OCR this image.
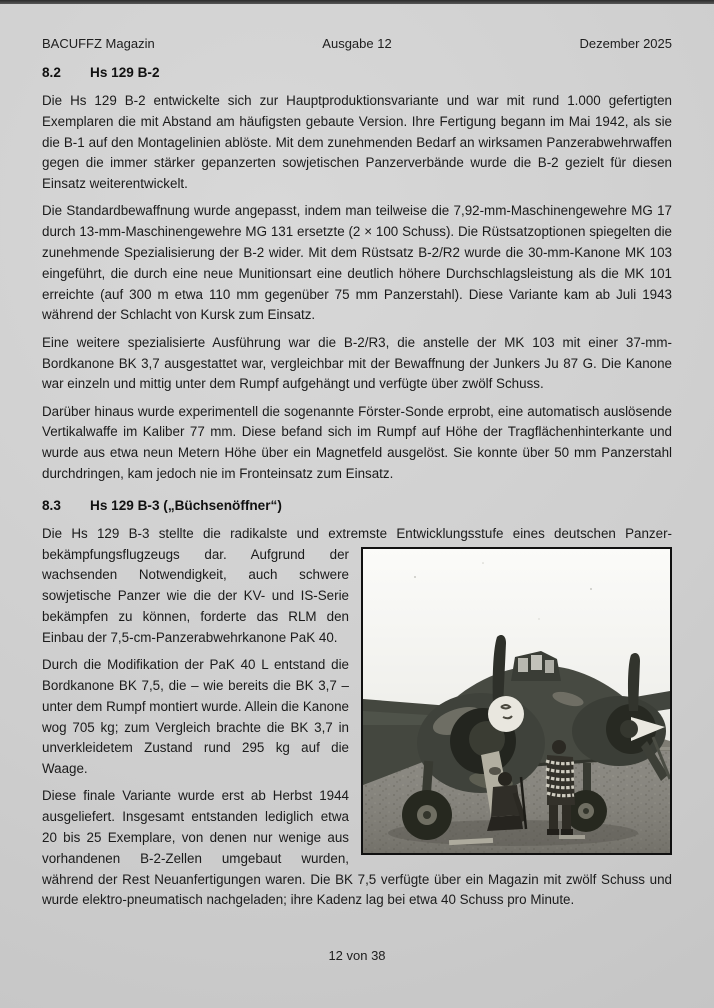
BACUFFZ Magazin	Ausgabe 12	Dezember 2025
8.2	Hs 129 B-2

Die Hs 129 B-2 entwickelte sich zur Hauptproduktionsvariante und war mit rund 1.000 gefertigten Exemplaren die mit Abstand am häufigsten gebaute Version. Ihre Fertigung begann im Mai 1942, als sie die B-1 auf den Montagelinien ablöste. Mit dem zunehmenden Bedarf an wirksamen Panzerabwehrwaffen gegen die immer stärker gepanzerten sowjetischen Panzerverbände wurde die B-2 gezielt für diesen Einsatz weiterentwickelt.

Die Standardbewaffnung wurde angepasst, indem man teilweise die 7,92-mm-Maschinengewehre MG 17 durch 13-mm-Maschinengewehre MG 131 ersetzte (2 × 100 Schuss). Die Rüstsatzoptionen spiegelten die zunehmende Spezialisierung der B-2 wider. Mit dem Rüstsatz B-2/R2 wurde die 30-mm-Kanone MK 103 eingeführt, die durch eine neue Munitionsart eine deutlich höhere Durchschlagsleistung als die MK 101 erreichte (auf 300 m etwa 110 mm gegenüber 75 mm Panzerstahl). Diese Variante kam ab Juli 1943 während der Schlacht von Kursk zum Einsatz.

Eine weitere spezialisierte Ausführung war die B-2/R3, die anstelle der MK 103 mit einer 37-mm-Bordkanone BK 3,7 ausgestattet war, vergleichbar mit der Bewaffnung der Junkers Ju 87 G. Die Kanone war einzeln und mittig unter dem Rumpf aufgehängt und verfügte über zwölf Schuss.

Darüber hinaus wurde experimentell die sogenannte Förster-Sonde erprobt, eine automatisch auslösende Vertikalwaffe im Kaliber 77 mm. Diese befand sich im Rumpf auf Höhe der Tragflächenhinterkante und wurde aus etwa neun Metern Höhe über ein Magnetfeld ausgelöst. Sie konnte über 50 mm Panzerstahl durchdringen, kam jedoch nie im Fronteinsatz zum Einsatz.

8.3	Hs 129 B-3 („Büchsenöffner“)

Die Hs 129 B-3 stellte die radikalste und extremste Entwicklungsstufe eines deutschen Panzer-
bekämpfungsflugzeugs dar. Aufgrund der wachsenden Notwendigkeit, auch schwere sowjetische Panzer wie die der KV- und IS-Serie bekämpfen zu können, forderte das RLM den Einbau der 7,5-cm-Panzerabwehrkanone PaK 40.

Durch die Modifikation der PaK 40 L entstand die Bordkanone BK 7,5, die – wie bereits die BK 3,7 – unter dem Rumpf montiert wurde. Allein die Kanone wog 705 kg; zum Vergleich brachte die BK 3,7 in unverkleidetem Zustand rund 295 kg auf die Waage.

Diese finale Variante wurde erst ab Herbst 1944 ausgeliefert. Insgesamt entstanden lediglich etwa 20 bis 25 Exemplare, von denen nur wenige aus vorhandenen B-2-Zellen umgebaut wurden, während der Rest Neuanfertigungen waren. Die BK 7,5 verfügte über ein Magazin mit zwölf Schuss und wurde elektro-pneumatisch nachgeladen; ihre Kadenz lag bei etwa 40 Schuss pro Minute.

12 von 38
